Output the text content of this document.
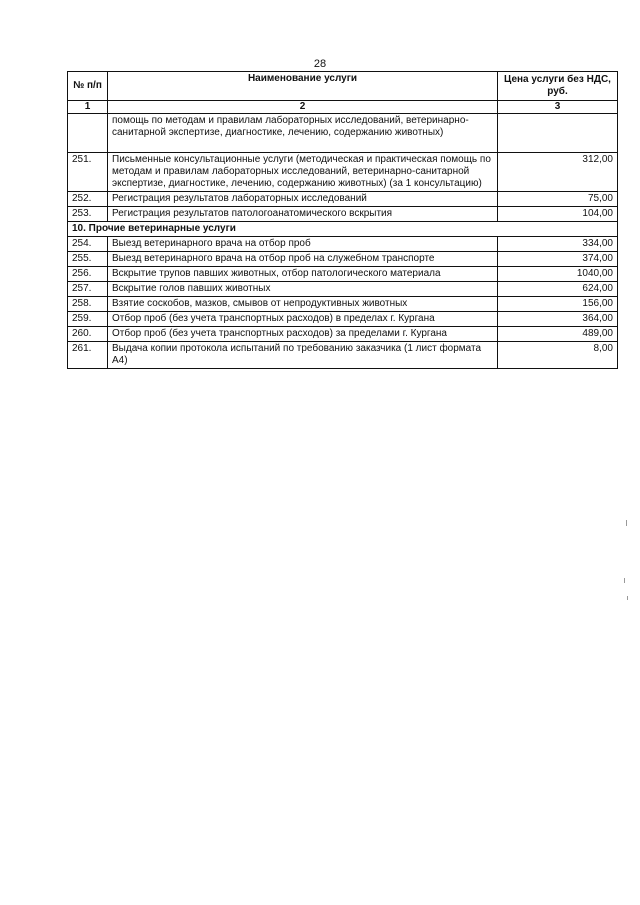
28
№ п/п	Наименование услуги	Цена услуги без НДС, руб.
1	2	3
	помощь по методам и правилам лабораторных исследований, ветеринарно-санитарной экспертизе, диагностике, лечению, содержанию животных)	
251.	Письменные консультационные услуги (методическая и практическая помощь по методам и правилам лабораторных исследований, ветеринарно-санитарной экспертизе, диагностике, лечению, содержанию животных) (за 1 консультацию)	312,00
252.	Регистрация результатов лабораторных исследований	75,00
253.	Регистрация результатов патологоанатомического вскрытия	104,00
10. Прочие ветеринарные услуги		
254.	Выезд ветеринарного врача на отбор проб	334,00
255.	Выезд ветеринарного врача на отбор проб на служебном транспорте	374,00
256.	Вскрытие трупов павших животных, отбор патологического материала	1040,00
257.	Вскрытие голов павших животных	624,00
258.	Взятие соскобов, мазков, смывов от непродуктивных животных	156,00
259.	Отбор проб (без учета транспортных расходов) в пределах г. Кургана	364,00
260.	Отбор проб (без учета транспортных расходов) за пределами г. Кургана	489,00
261.	Выдача копии протокола испытаний по требованию заказчика (1 лист формата А4)	8,00
